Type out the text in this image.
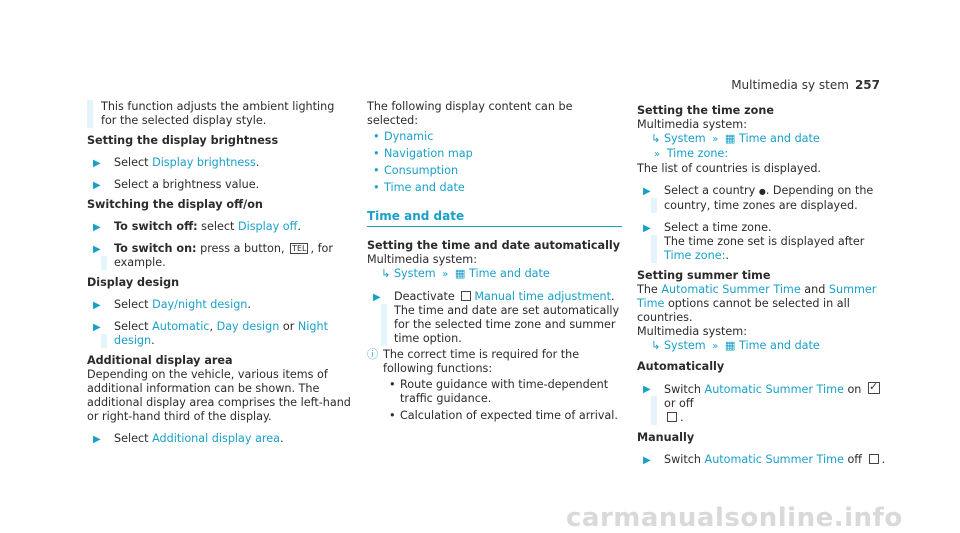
Multimedia sy stem 257

This function adjusts the ambient lighting for the selected display style.

Setting the display brightness

▶ Select Display brightness.
▶ Select a brightness value.

Switching the display off/on

▶ To switch off: select Display off.
▶ To switch on: press a button, TEL , for example.

Display design

▶ Select Day/night design.
▶ Select Automatic, Day design or Night design.

Additional display area

Depending on the vehicle, various items of additional information can be shown. The additional display area comprises the left-hand or right-hand third of the display.

▶ Select Additional display area.

The following display content can be selected:

• Dynamic
• Navigation map
• Consumption
• Time and date
Time and date

Setting the time and date automatically

Multimedia system:

↳ System » ▦ Time and date

▶ Deactivate Manual time adjustment. The time and date are set automatically for the selected time zone and summer time option.
ⓘ The correct time is required for the following functions:

• Route guidance with time-dependent traffic guidance.
• Calculation of expected time of arrival.

Setting the time zone

Multimedia system:

↳ System » ▦ Time and date

» Time zone:

The list of countries is displayed.

▶ Select a country ●. Depending on the country, time zones are displayed.
▶ Select a time zone.
The time zone set is displayed after Time zone:.

Setting summer time

The Automatic Summer Time and Summer Time options cannot be selected in all countries.

Multimedia system:

↳ System » ▦ Time and date

Automatically

▶ Switch Automatic Summer Time on ✓ or off
.

Manually

▶ Switch Automatic Summer Time off .
carmanualsonline.info
